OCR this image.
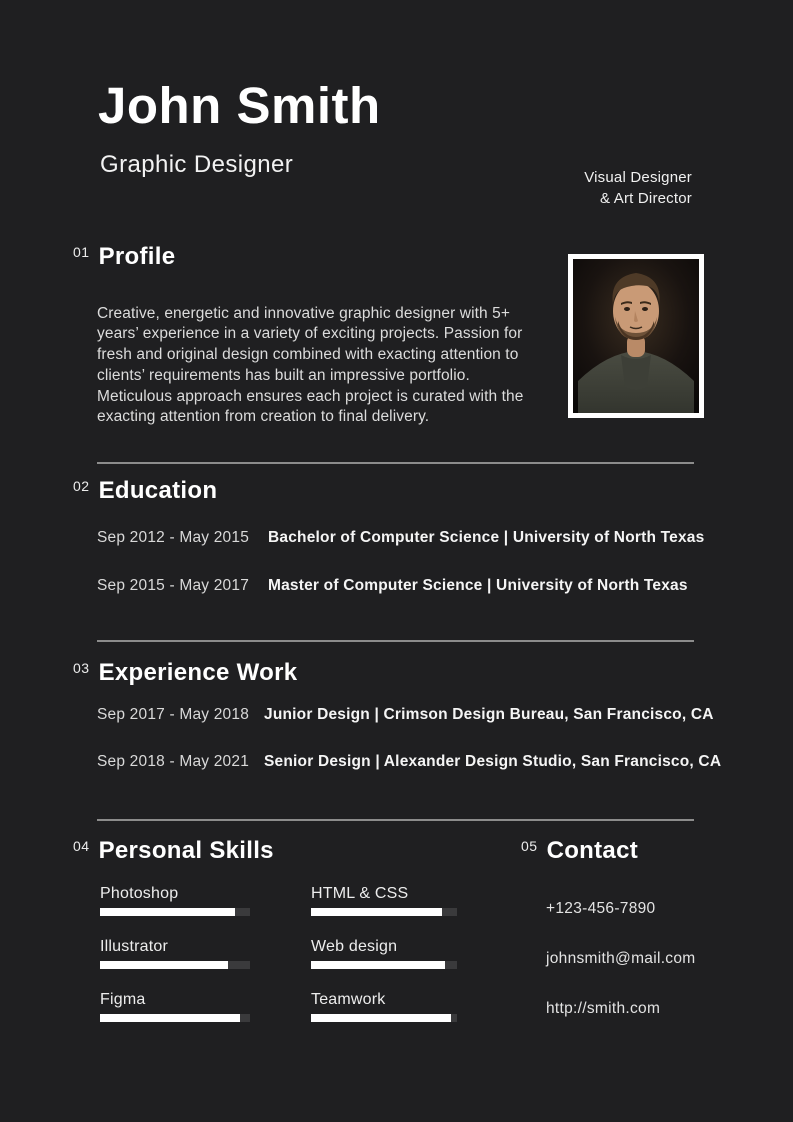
John Smith
Graphic Designer	Visual Designer
& Art Director
01 Profile

Creative, energetic and innovative graphic designer with 5+ years’ experience in a variety of exciting projects. Passion for fresh and original design combined with exacting attention to clients’ requirements has built an impressive portfolio. Meticulous approach ensures each project is curated with the exacting attention from creation to final delivery.

02 Education
Sep 2012 - May 2015	Bachelor of Computer Science | University of North Texas
Sep 2015 - May 2017	Master of Computer Science | University of North Texas
03 Experience Work
Sep 2017 - May 2018 Junior Design | Crimson Design Bureau, San Francisco, CA
Sep 2018 - May 2021 Senior Design | Alexander Design Studio, San Francisco, CA
04 Personal Skills
Photoshop	HTML & CSS
Illustrator	Web design
Figma	Teamwork
05 Contact
+123-456-7890
johnsmith@mail.com
http://smith.com
